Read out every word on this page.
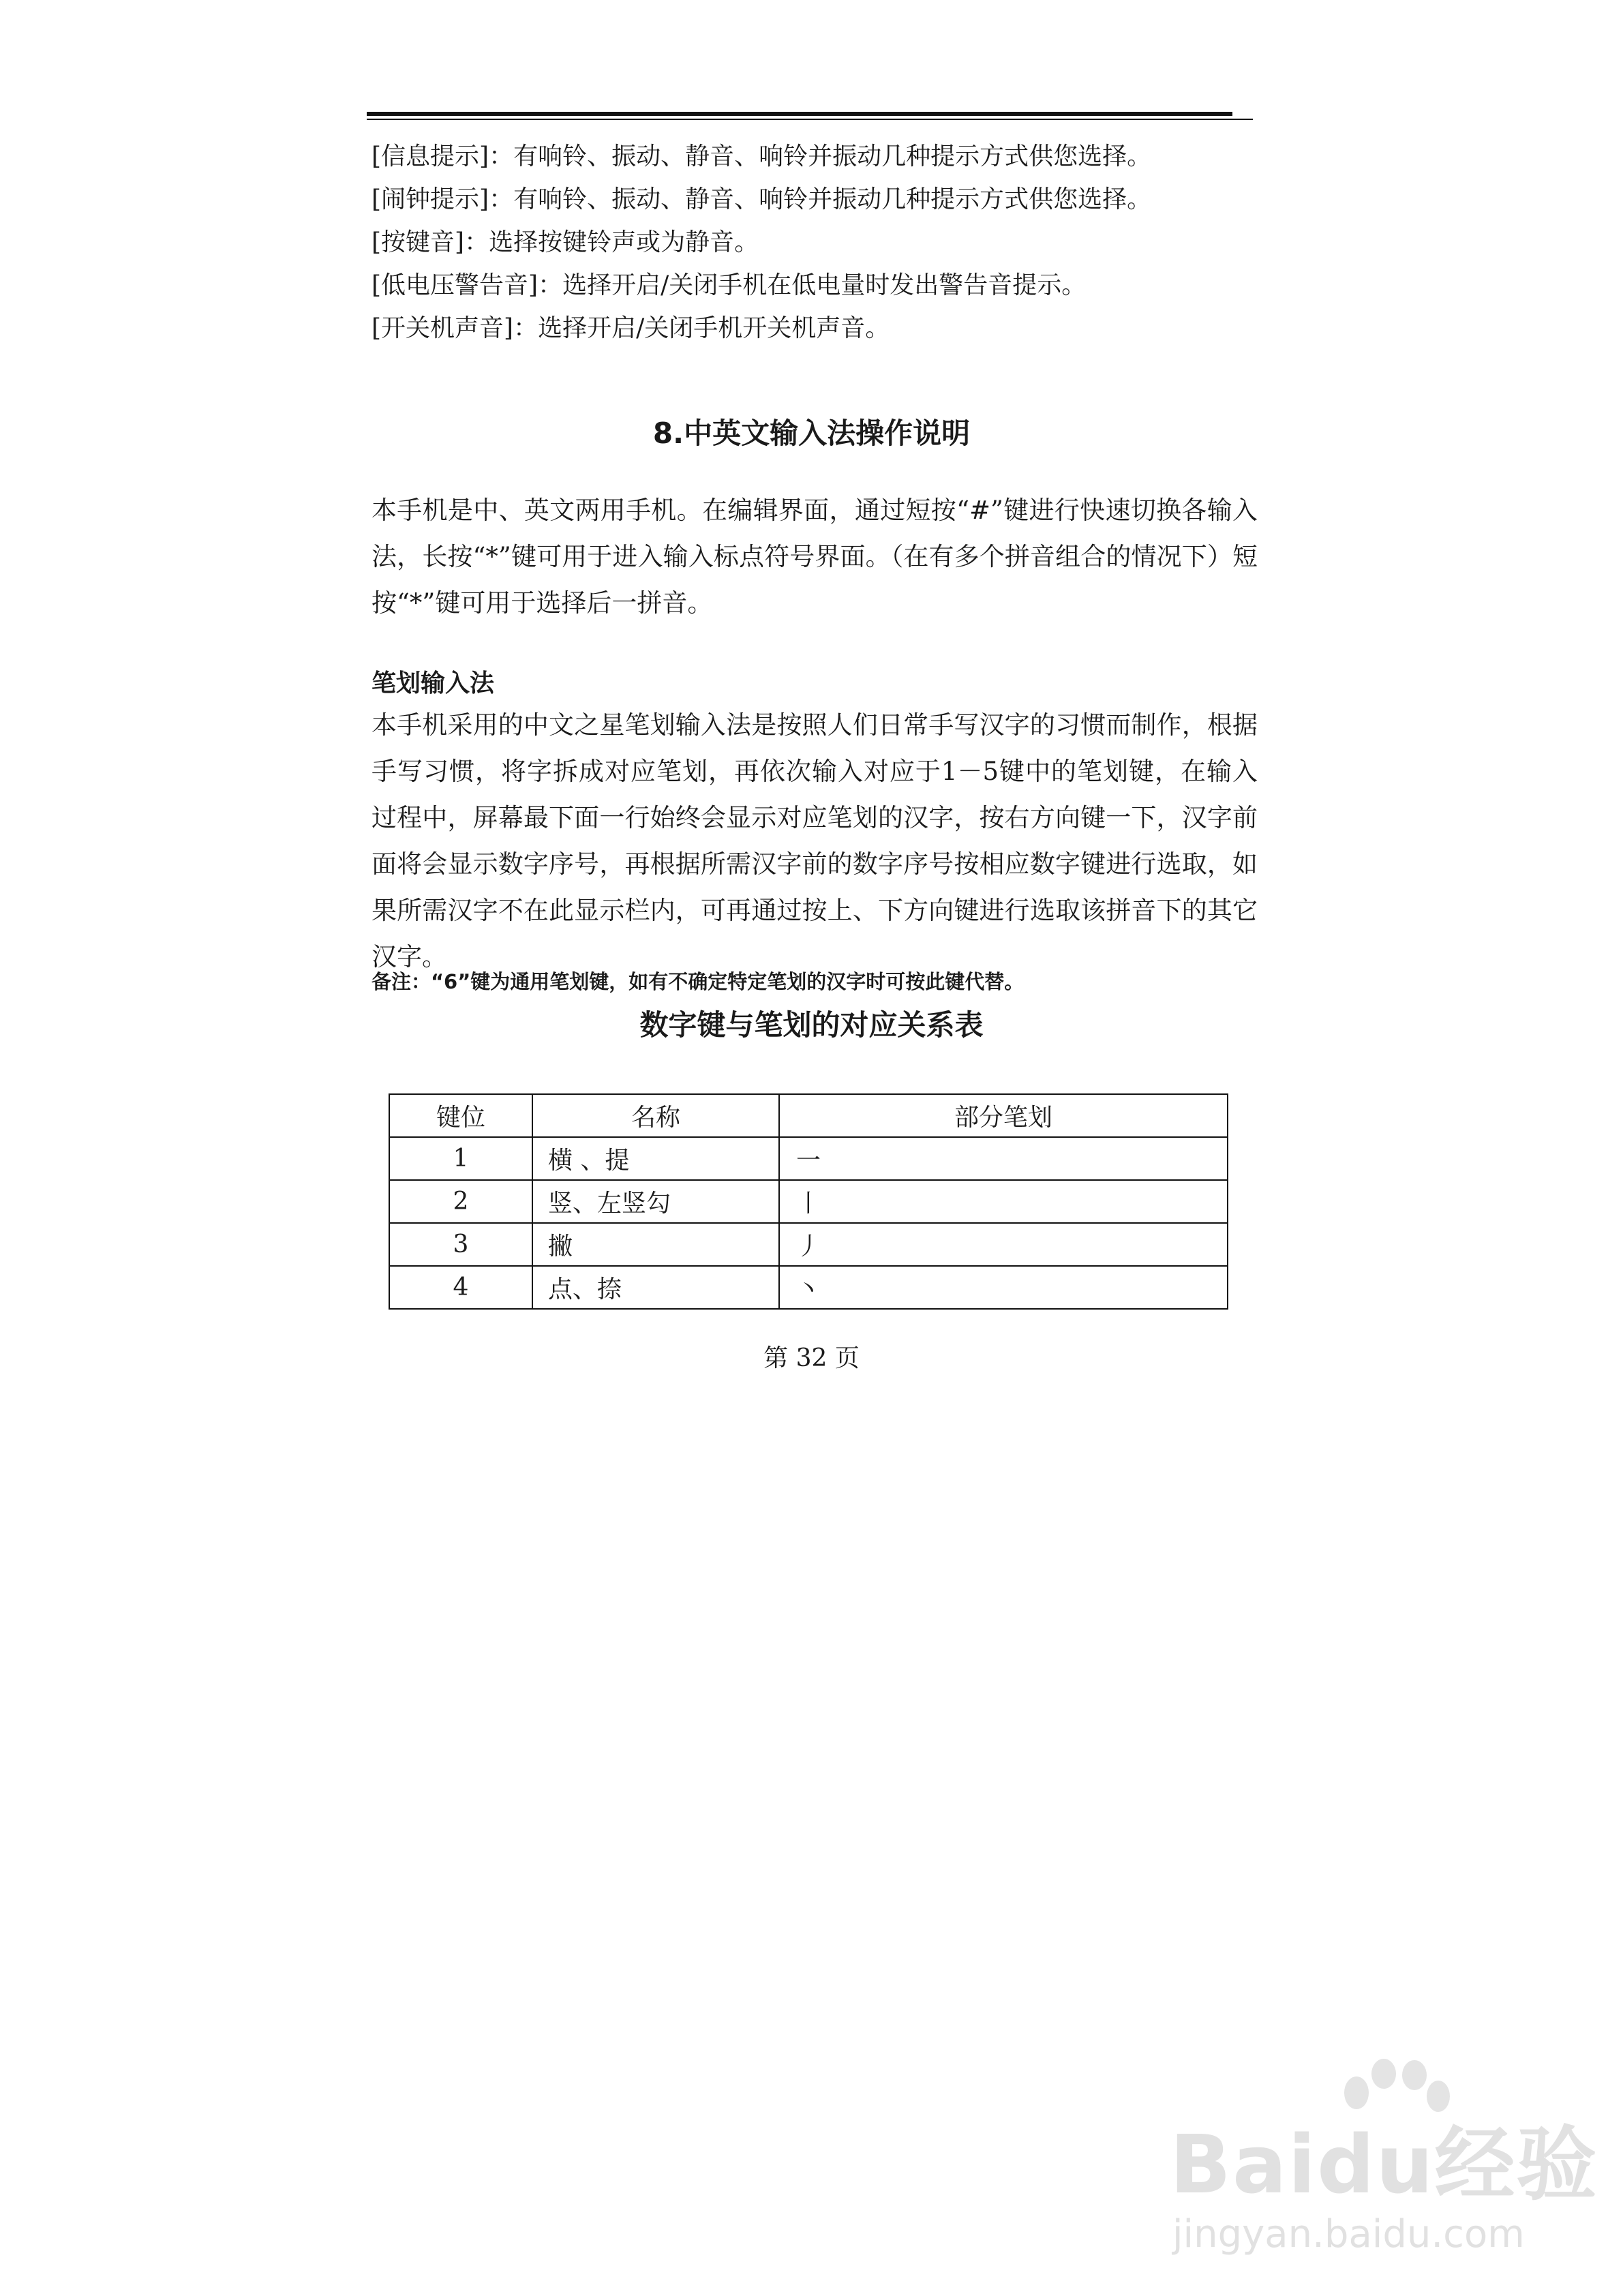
[信息提示]：有响铃、振动、静音、响铃并振动几种提示方式供您选择。
[闹钟提示]：有响铃、振动、静音、响铃并振动几种提示方式供您选择。
[按键音]：选择按键铃声或为静音。
[低电压警告音]：选择开启/关闭手机在低电量时发出警告音提示。
[开关机声音]：选择开启/关闭手机开关机声音。
8.中英文输入法操作说明

本手机是中、英文两用手机。在编辑界面，通过短按“#”键进行快速切换各输入法，长按“*”键可用于进入输入标点符号界面。（在有多个拼音组合的情况下）短按“*”键可用于选择后一拼音。

笔划输入法

本手机采用的中文之星笔划输入法是按照人们日常手写汉字的习惯而制作，根据手写习惯，将字拆成对应笔划，再依次输入对应于1－5键中的笔划键，在输入过程中，屏幕最下面一行始终会显示对应笔划的汉字，按右方向键一下，汉字前面将会显示数字序号，再根据所需汉字前的数字序号按相应数字键进行选取，如果所需汉字不在此显示栏内，可再通过按上、下方向键进行选取该拼音下的其它汉字。

备注：“6”键为通用笔划键，如有不确定特定笔划的汉字时可按此键代替。
数字键与笔划的对应关系表
键位	名称	部分笔划
1	横 、提	一
2	竖、左竖勾	丨
3	撇	丿
4	点、捺	丶
第 32 页
Baidu经验
jingyan.baidu.com
